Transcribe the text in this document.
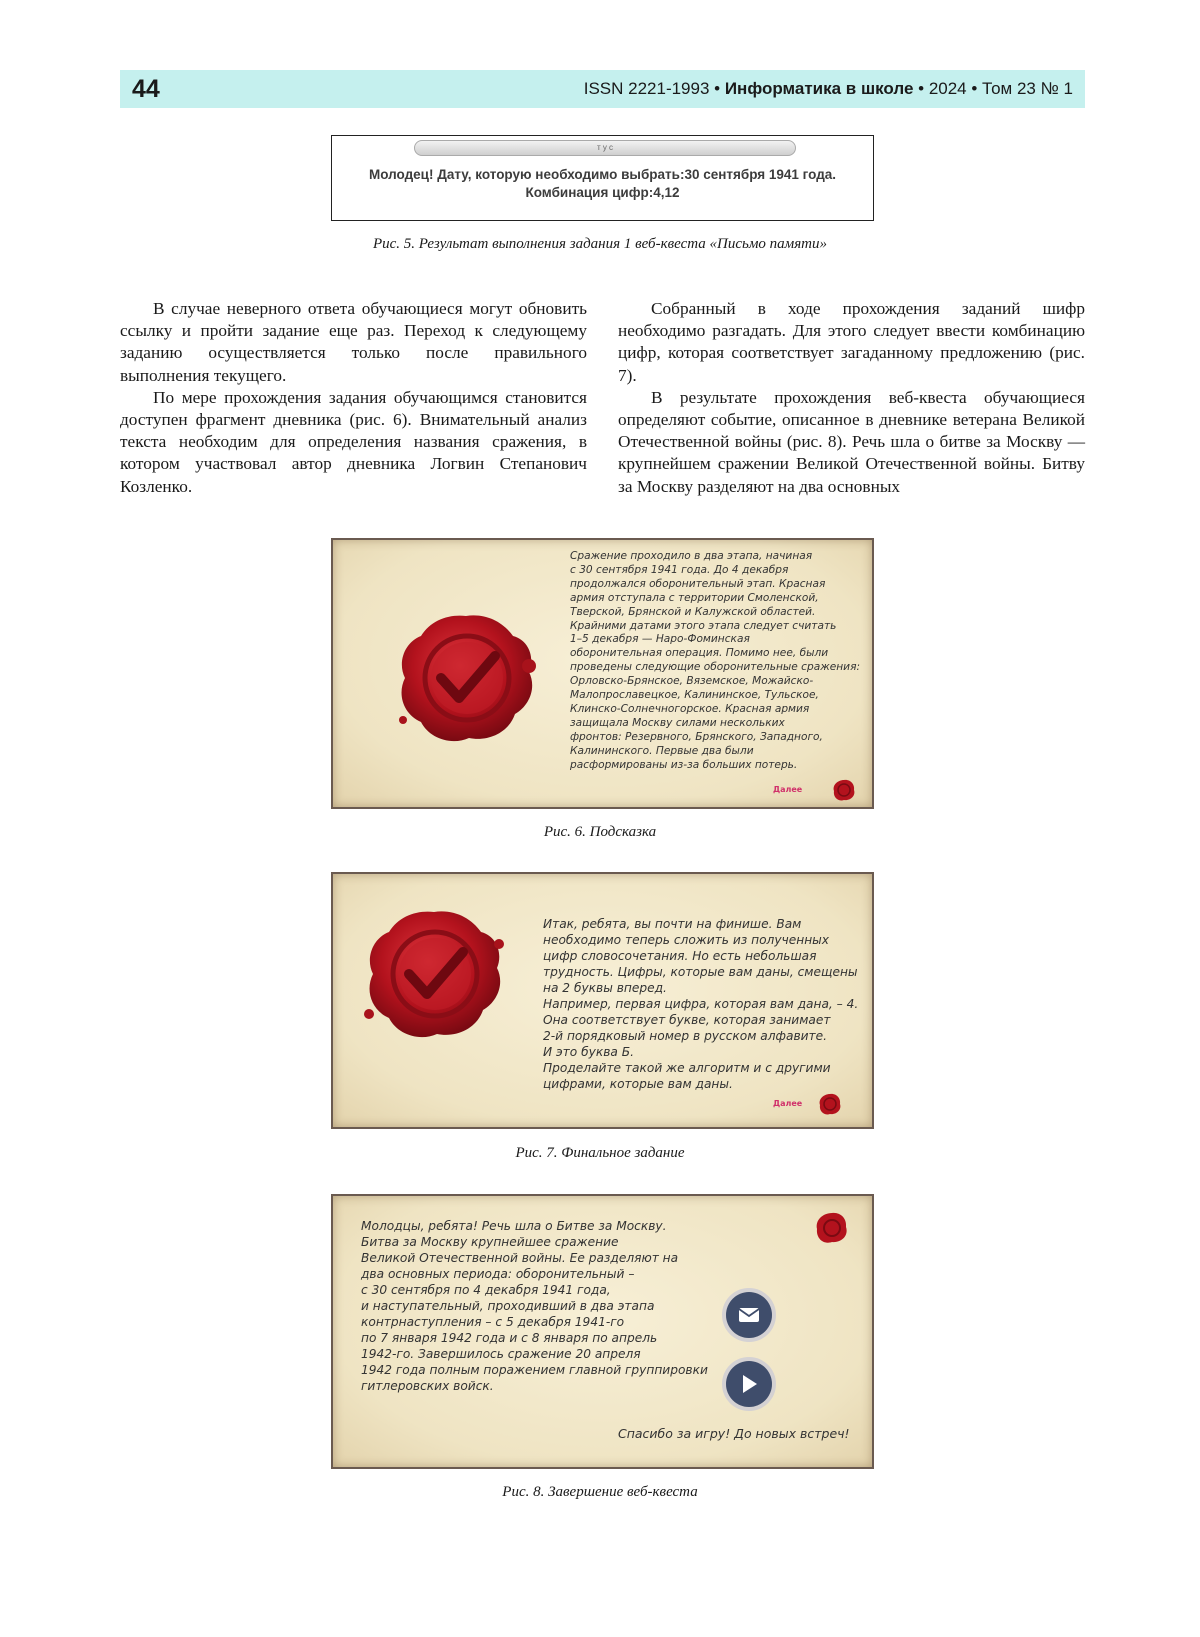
44	ISSN 2221-1993 • Информатика в школе • 2024 • Том 23 № 1
т у с
Молодец! Дату, которую необходимо выбрать:30 сентября 1941 года.
Комбинация цифр:4,12
Рис. 5. Результат выполнения задания 1 веб-квеста «Письмо памяти»

В случае неверного ответа обучающиеся могут обновить ссылку и пройти задание еще раз. Переход к следующему заданию осуществляется только после правильного выполнения текущего.

По мере прохождения задания обучающимся становится доступен фрагмент дневника (рис. 6). Внимательный анализ текста необходим для определения названия сражения, в котором участвовал автор дневника Логвин Степанович Козленко.

Собранный в ходе прохождения заданий шифр необходимо разгадать. Для этого следует ввести комбинацию цифр, которая соответствует загаданному предложению (рис. 7).

В результате прохождения веб-квеста обучающиеся определяют событие, описанное в дневнике ветерана Великой Отечественной войны (рис. 8). Речь шла о битве за Москву — крупнейшем сражении Великой Отечественной войны. Битву за Москву разделяют на два основных

Сражение проходило в два этапа, начиная
с 30 сентября 1941 года. До 4 декабря
продолжался оборонительный этап. Красная
армия отступала с территории Смоленской,
Тверской, Брянской и Калужской областей.
Крайними датами этого этапа следует считать
1–5 декабря — Наро-Фоминская
оборонительная операция. Помимо нее, были
проведены следующие оборонительные сражения:
Орловско-Брянское, Вяземское, Можайско-
Малопрославецкое, Калининское, Тульское,
Клинско-Солнечногорское. Красная армия
защищала Москву силами нескольких
фронтов: Резервного, Брянского, Западного,
Калининского. Первые два были
расформированы из-за больших потерь.
Далее
Рис. 6. Подсказка
Итак, ребята, вы почти на финише. Вам
необходимо теперь сложить из полученных
цифр словосочетания. Но есть небольшая
трудность. Цифры, которые вам даны, смещены
на 2 буквы вперед.
Например, первая цифра, которая вам дана, – 4.
Она соответствует букве, которая занимает
2-й порядковый номер в русском алфавите.
И это буква Б.
Проделайте такой же алгоритм и с другими
цифрами, которые вам даны.
Далее
Рис. 7. Финальное задание
Молодцы, ребята! Речь шла о Битве за Москву.
Битва за Москву крупнейшее сражение
Великой Отечественной войны. Ее разделяют на
два основных периода: оборонительный –
с 30 сентября по 4 декабря 1941 года,
и наступательный, проходивший в два этапа
контрнаступления – с 5 декабря 1941-го
по 7 января 1942 года и с 8 января по апрель
1942-го. Завершилось сражение 20 апреля
1942 года полным поражением главной группировки
гитлеровских войск.
Спасибо за игру! До новых встреч!
Рис. 8. Завершение веб-квеста
